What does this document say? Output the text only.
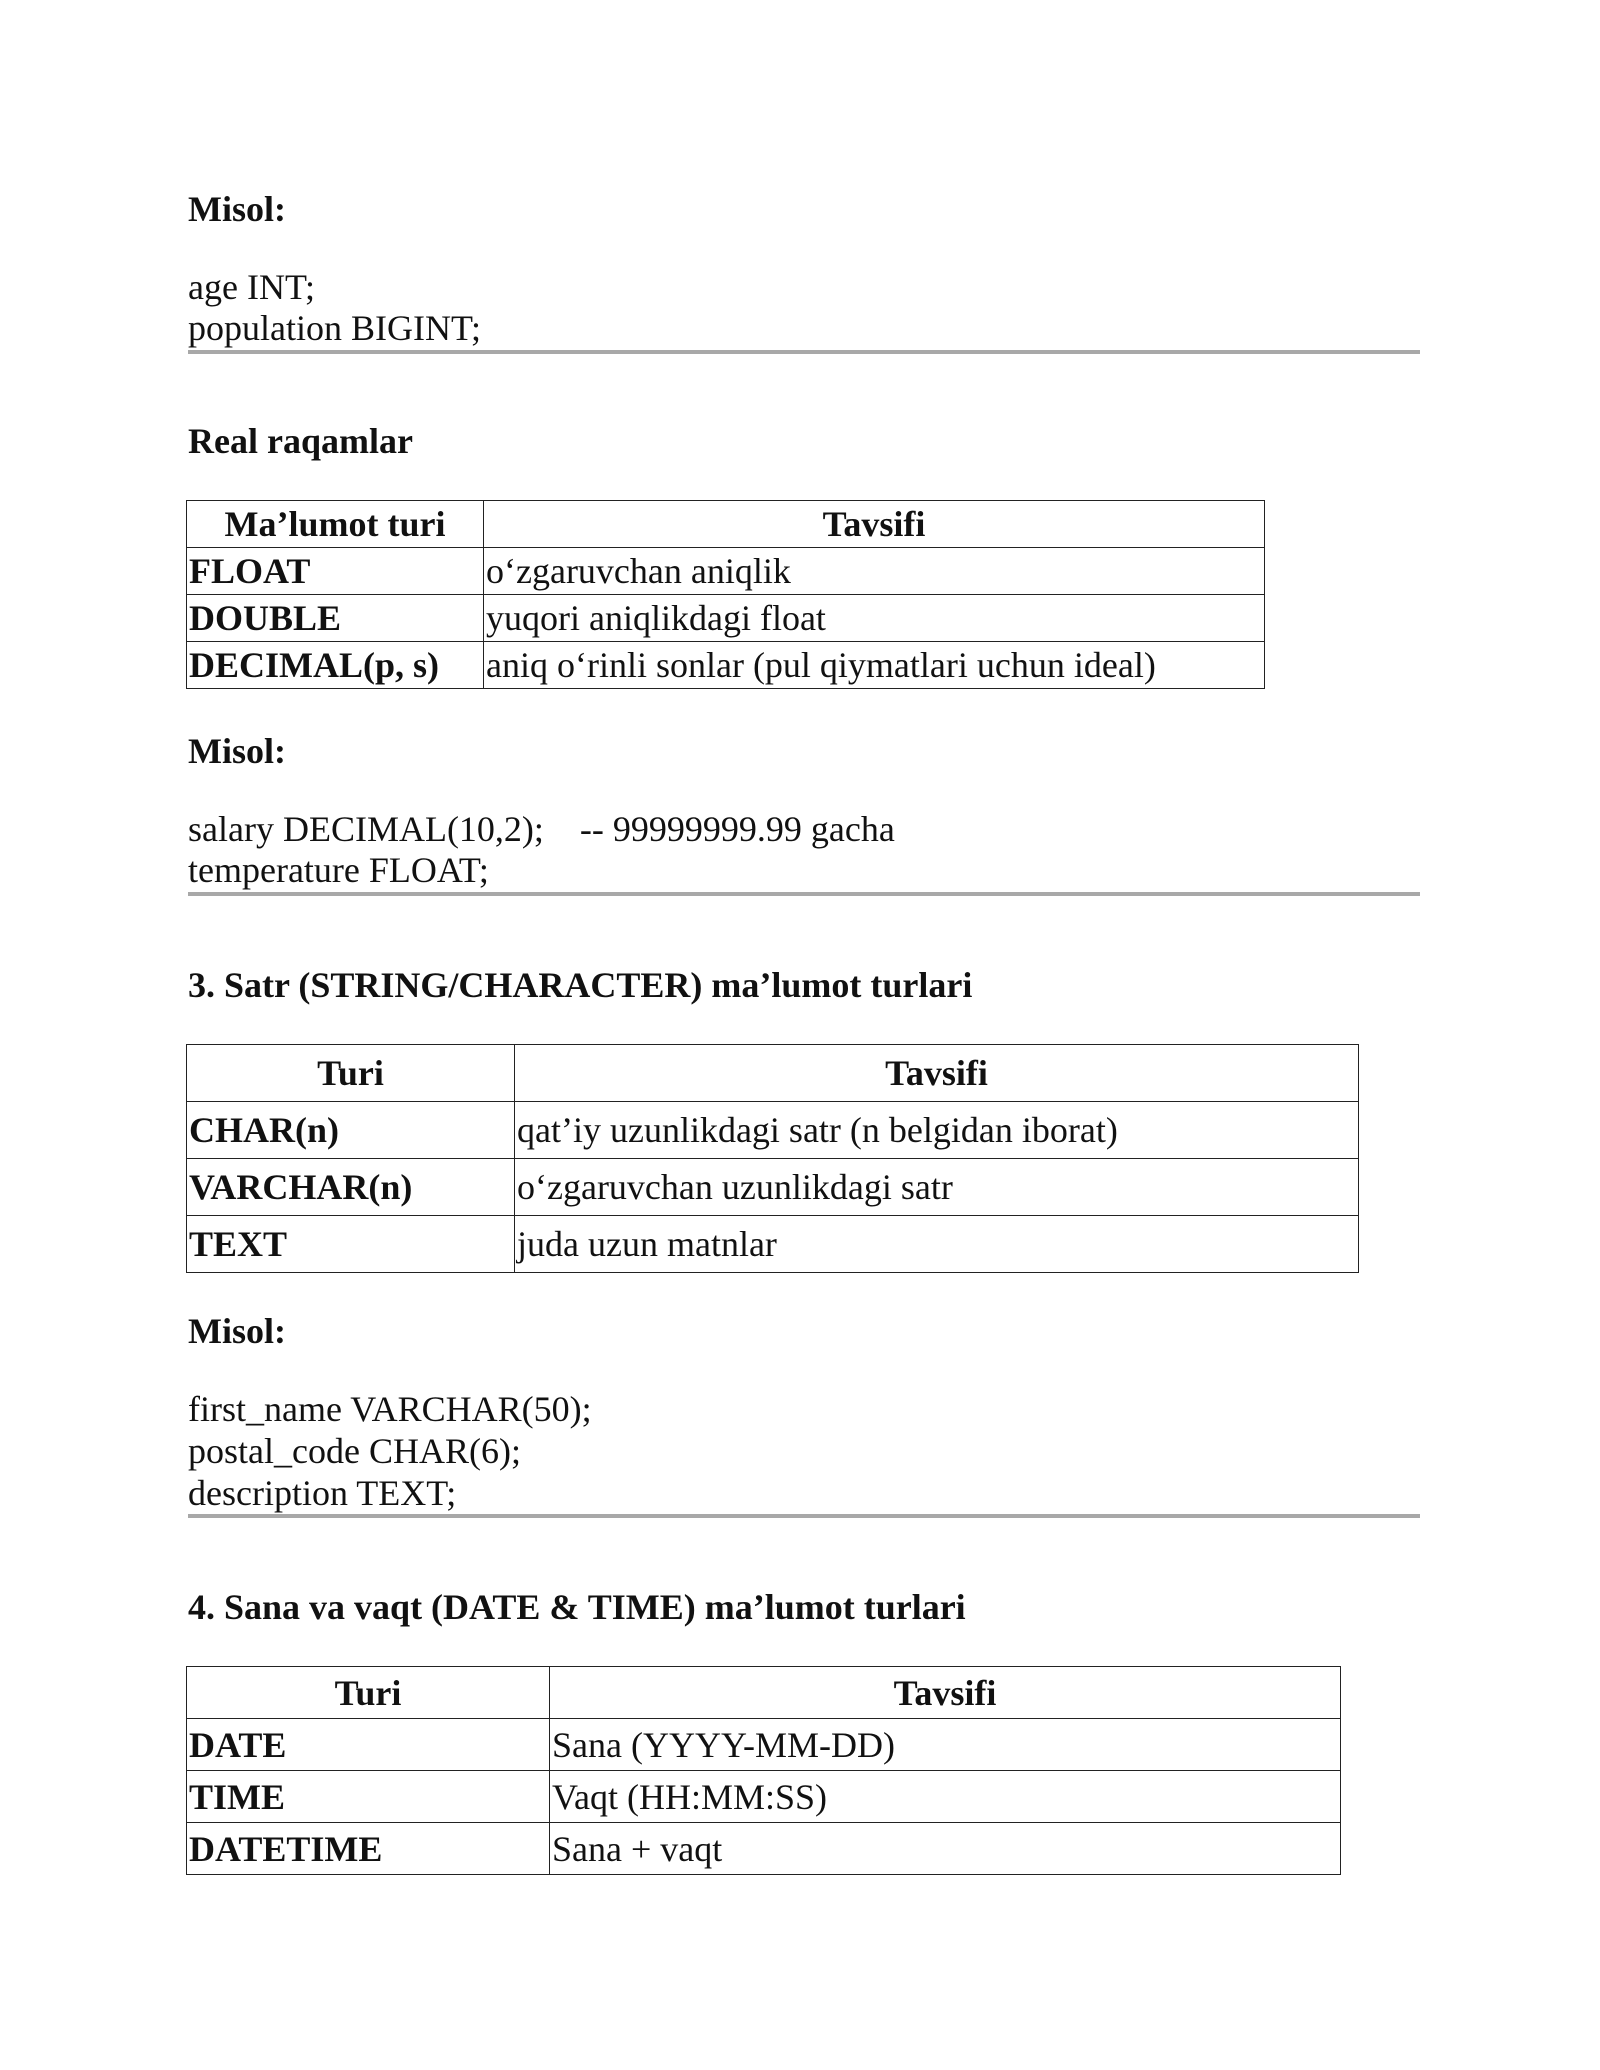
Misol:
age INT;
population BIGINT;
Real raqamlar
Ma’lumot turi	Tavsifi
FLOAT	o‘zgaruvchan aniqlik
DOUBLE	yuqori aniqlikdagi float
DECIMAL(p, s)	aniq o‘rinli sonlar (pul qiymatlari uchun ideal)
Misol:
salary DECIMAL(10,2);    -- 99999999.99 gacha
temperature FLOAT;
3. Satr (STRING/CHARACTER) ma’lumot turlari
Turi	Tavsifi
CHAR(n)	qat’iy uzunlikdagi satr (n belgidan iborat)
VARCHAR(n)	o‘zgaruvchan uzunlikdagi satr
TEXT	juda uzun matnlar
Misol:
first_name VARCHAR(50);
postal_code CHAR(6);
description TEXT;
4. Sana va vaqt (DATE & TIME) ma’lumot turlari
Turi	Tavsifi
DATE	Sana (YYYY-MM-DD)
TIME	Vaqt (HH:MM:SS)
DATETIME	Sana + vaqt
